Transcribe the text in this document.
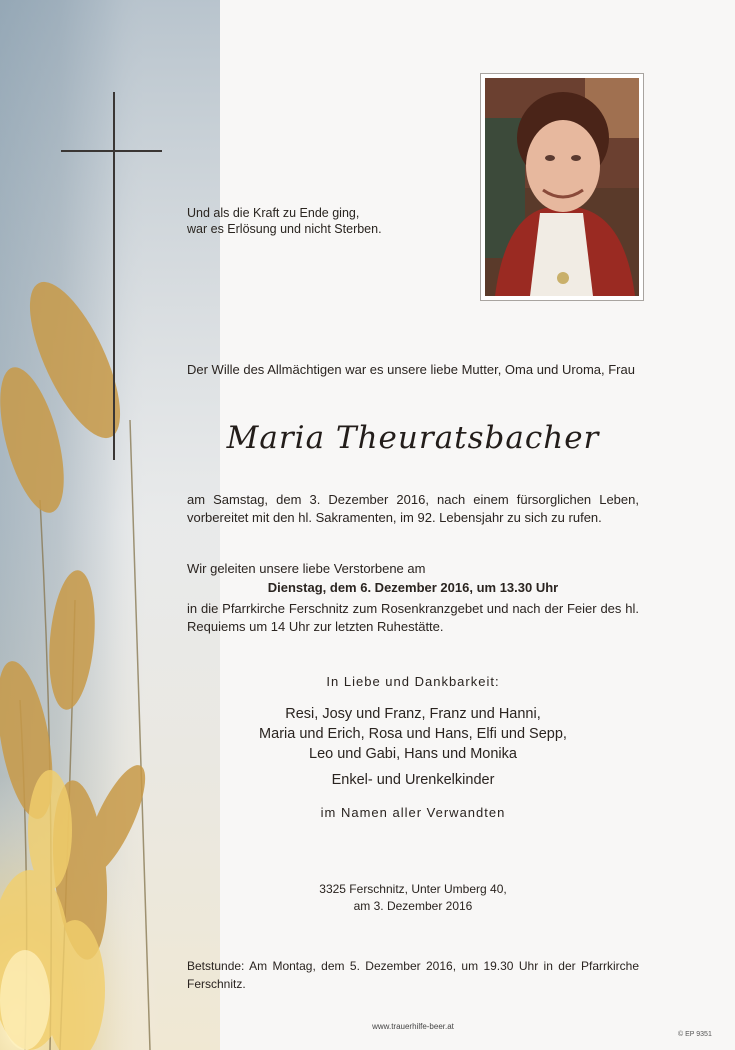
Und als die Kraft zu Ende ging,
war es Erlösung und nicht Sterben.
Der Wille des Allmächtigen war es unsere liebe Mutter, Oma und Uroma, Frau
Maria Theuratsbacher
am Samstag, dem 3. Dezember 2016, nach einem fürsorglichen Leben, vorbereitet mit den hl. Sakramenten, im 92. Lebensjahr zu sich zu rufen.
Wir geleiten unsere liebe Verstorbene am
Dienstag, dem 6. Dezember 2016, um 13.30 Uhr
in die Pfarrkirche Ferschnitz zum Rosenkranzgebet und nach der Feier des hl. Requiems um 14 Uhr zur letzten Ruhestätte.
In Liebe und Dankbarkeit:
Resi, Josy und Franz, Franz und Hanni,
Maria und Erich, Rosa und Hans, Elfi und Sepp,
Leo und Gabi, Hans und Monika
Enkel- und Urenkelkinder
im Namen aller Verwandten
3325 Ferschnitz, Unter Umberg 40,
am 3. Dezember 2016
Betstunde: Am Montag, dem 5. Dezember 2016, um 19.30 Uhr in der Pfarrkirche Ferschnitz.
www.trauerhilfe-beer.at
© EP 9351
